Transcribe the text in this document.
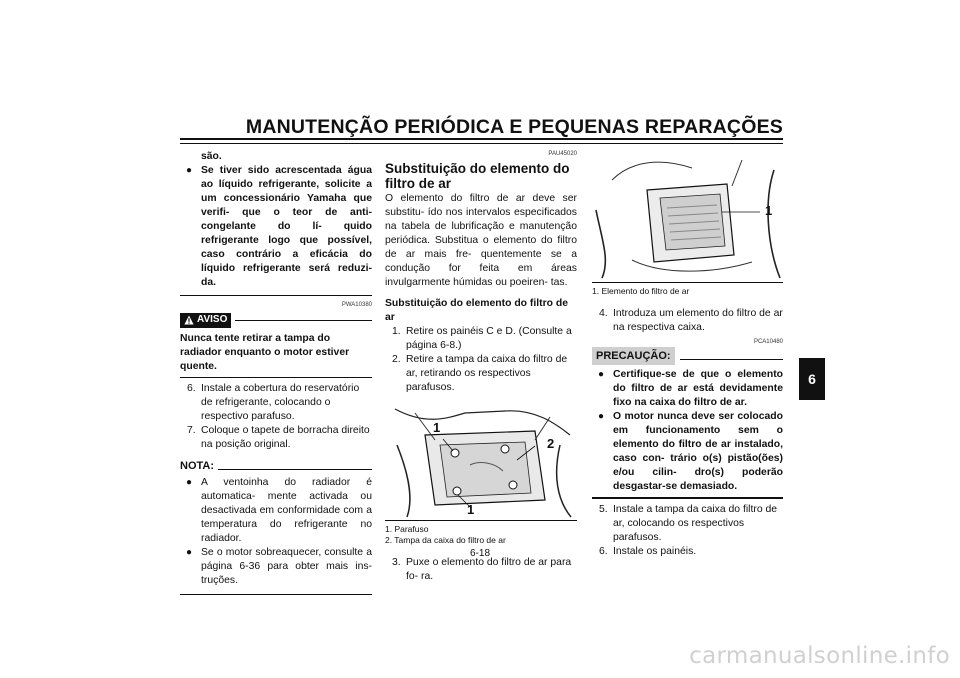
MANUTENÇÃO PERIÓDICA E PEQUENAS REPARAÇÕES
6
são.
● Se tiver sido acrescentada água ao líquido refrigerante, solicite a um concessionário Yamaha que verifi- que o teor de anti-congelante do lí- quido refrigerante logo que possível, caso contrário a eficácia do líquido refrigerante será reduzi- da.
PWA10380
AVISO
Nunca tente retirar a tampa do radiador enquanto o motor estiver quente.
6. Instale a cobertura do reservatório de refrigerante, colocando o respectivo parafuso.
7. Coloque o tapete de borracha direito na posição original.
NOTA:
● A ventoinha do radiador é automatica- mente activada ou desactivada em conformidade com a temperatura do refrigerante no radiador.
● Se o motor sobreaquecer, consulte a página 6-36 para obter mais ins- truções.
PAU45020
Substituição do elemento do filtro de ar
O elemento do filtro de ar deve ser substitu- ído nos intervalos especificados na tabela de lubrificação e manutenção periódica. Substitua o elemento do filtro de ar mais fre- quentemente se a condução for feita em áreas invulgarmente húmidas ou poeiren- tas.
Substituição do elemento do filtro de ar
1. Retire os painéis C e D. (Consulte a página 6-8.)
2. Retire a tampa da caixa do filtro de ar, retirando os respectivos parafusos.
1
2
1
1. Parafuso
2. Tampa da caixa do filtro de ar
3. Puxe o elemento do filtro de ar para fo- ra.
1
1. Elemento do filtro de ar
4. Introduza um elemento do filtro de ar na respectiva caixa.
PCA10480
PRECAUÇÃO:
● Certifique-se de que o elemento do filtro de ar está devidamente fixo na caixa do filtro de ar.
● O motor nunca deve ser colocado em funcionamento sem o elemento do filtro de ar instalado, caso con- trário o(s) pistão(ões) e/ou cilin- dro(s) poderão desgastar-se demasiado.
5. Instale a tampa da caixa do filtro de ar, colocando os respectivos parafusos.
6. Instale os painéis.
6-18
carmanualsonline.info
